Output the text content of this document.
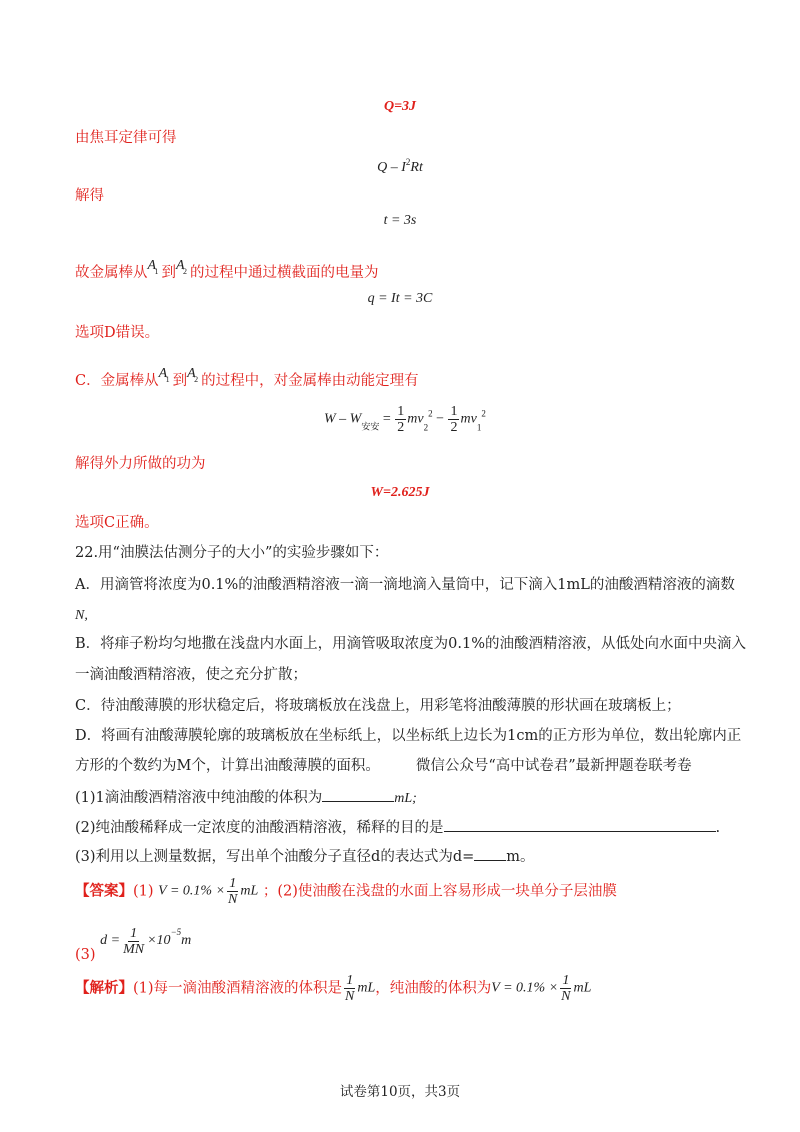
Q=3J
由焦耳定律可得
Q – $I^2Rt$
解得
t = 3s
故金属棒从A
1 到A
2 的过程中通过横截面的电量为
q = It = 3C
选项D错误。
C．金属棒从A
1 到A
2 的过程中，对金属棒由动能定理有
$W - W_{安安} = \frac{1}{2} mv_2^2 - \frac{1}{2} mv_1^2$
解得外力所做的功为
W=2.625J
选项C正确。
22.用“油膜法估测分子的大小”的实验步骤如下：
A．用滴管将浓度为0.1%的油酸酒精溶液一滴一滴地滴入量筒中，记下滴入1mL的油酸酒精溶液的滴数
N,
B．将痱子粉均匀地撒在浅盘内水面上，用滴管吸取浓度为0.1%的油酸酒精溶液，从低处向水面中央滴入
一滴油酸酒精溶液，使之充分扩散；
C．待油酸薄膜的形状稳定后，将玻璃板放在浅盘上，用彩笔将油酸薄膜的形状画在玻璃板上；
D．将画有油酸薄膜轮廓的玻璃板放在坐标纸上，以坐标纸上边长为1cm的正方形为单位，数出轮廓内正
方形的个数约为M个，计算出油酸薄膜的面积。 微信公众号“高中试卷君”最新押题卷联考卷
(1)1滴油酸酒精溶液中纯油酸的体积为	mL;
(2)纯油酸稀释成一定浓度的油酸酒精溶液，稀释的目的是	.
(3)利用以上测量数据，写出单个油酸分子直径d的表达式为d= m。
【答案】(1) $V = 0.1\% \times \frac{1}{N}$ mL ；(2)使油酸在浅盘的水面上容易形成一块单分子层油膜
(3) $d = \frac{1}{MN} \times 10^{-5}m$
【解析】(1)每一滴油酸酒精溶液的体积是 $\frac{1}{N}$ mL，纯油酸的体积为$V = 0.1\% \times \frac{1}{N}$ mL
试卷第10页，共3页
